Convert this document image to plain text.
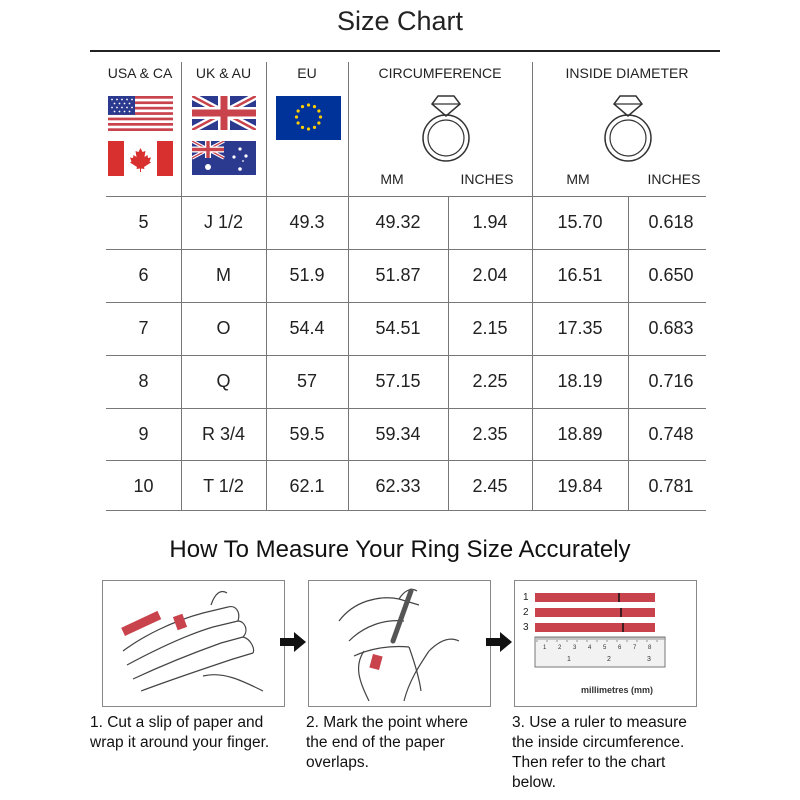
Size Chart
USA & CA	UK & AU	EU	CIRCUMFERENCE	INSIDE DIAMETER
MM	INCHES	MM	INCHES
5	J 1/2	49.3	49.32	1.94	15.70	0.618
6	M	51.9	51.87	2.04	16.51	0.650
7	O	54.4	54.51	2.15	17.35	0.683
8	Q	57	57.15	2.25	18.19	0.716
9	R 3/4	59.5	59.34	2.35	18.89	0.748
10	T 1/2	62.1	62.33	2.45	19.84	0.781
How To Measure Your Ring Size Accurately
1
2
3
1 2 3 4 5 6 7 8
1	2	3
millimetres (mm)
1. Cut a slip of paper and
wrap it around your finger.
2. Mark the point where
the end of the paper
overlaps.
3. Use a ruler to measure
the inside circumference.
Then refer to the chart
below.
